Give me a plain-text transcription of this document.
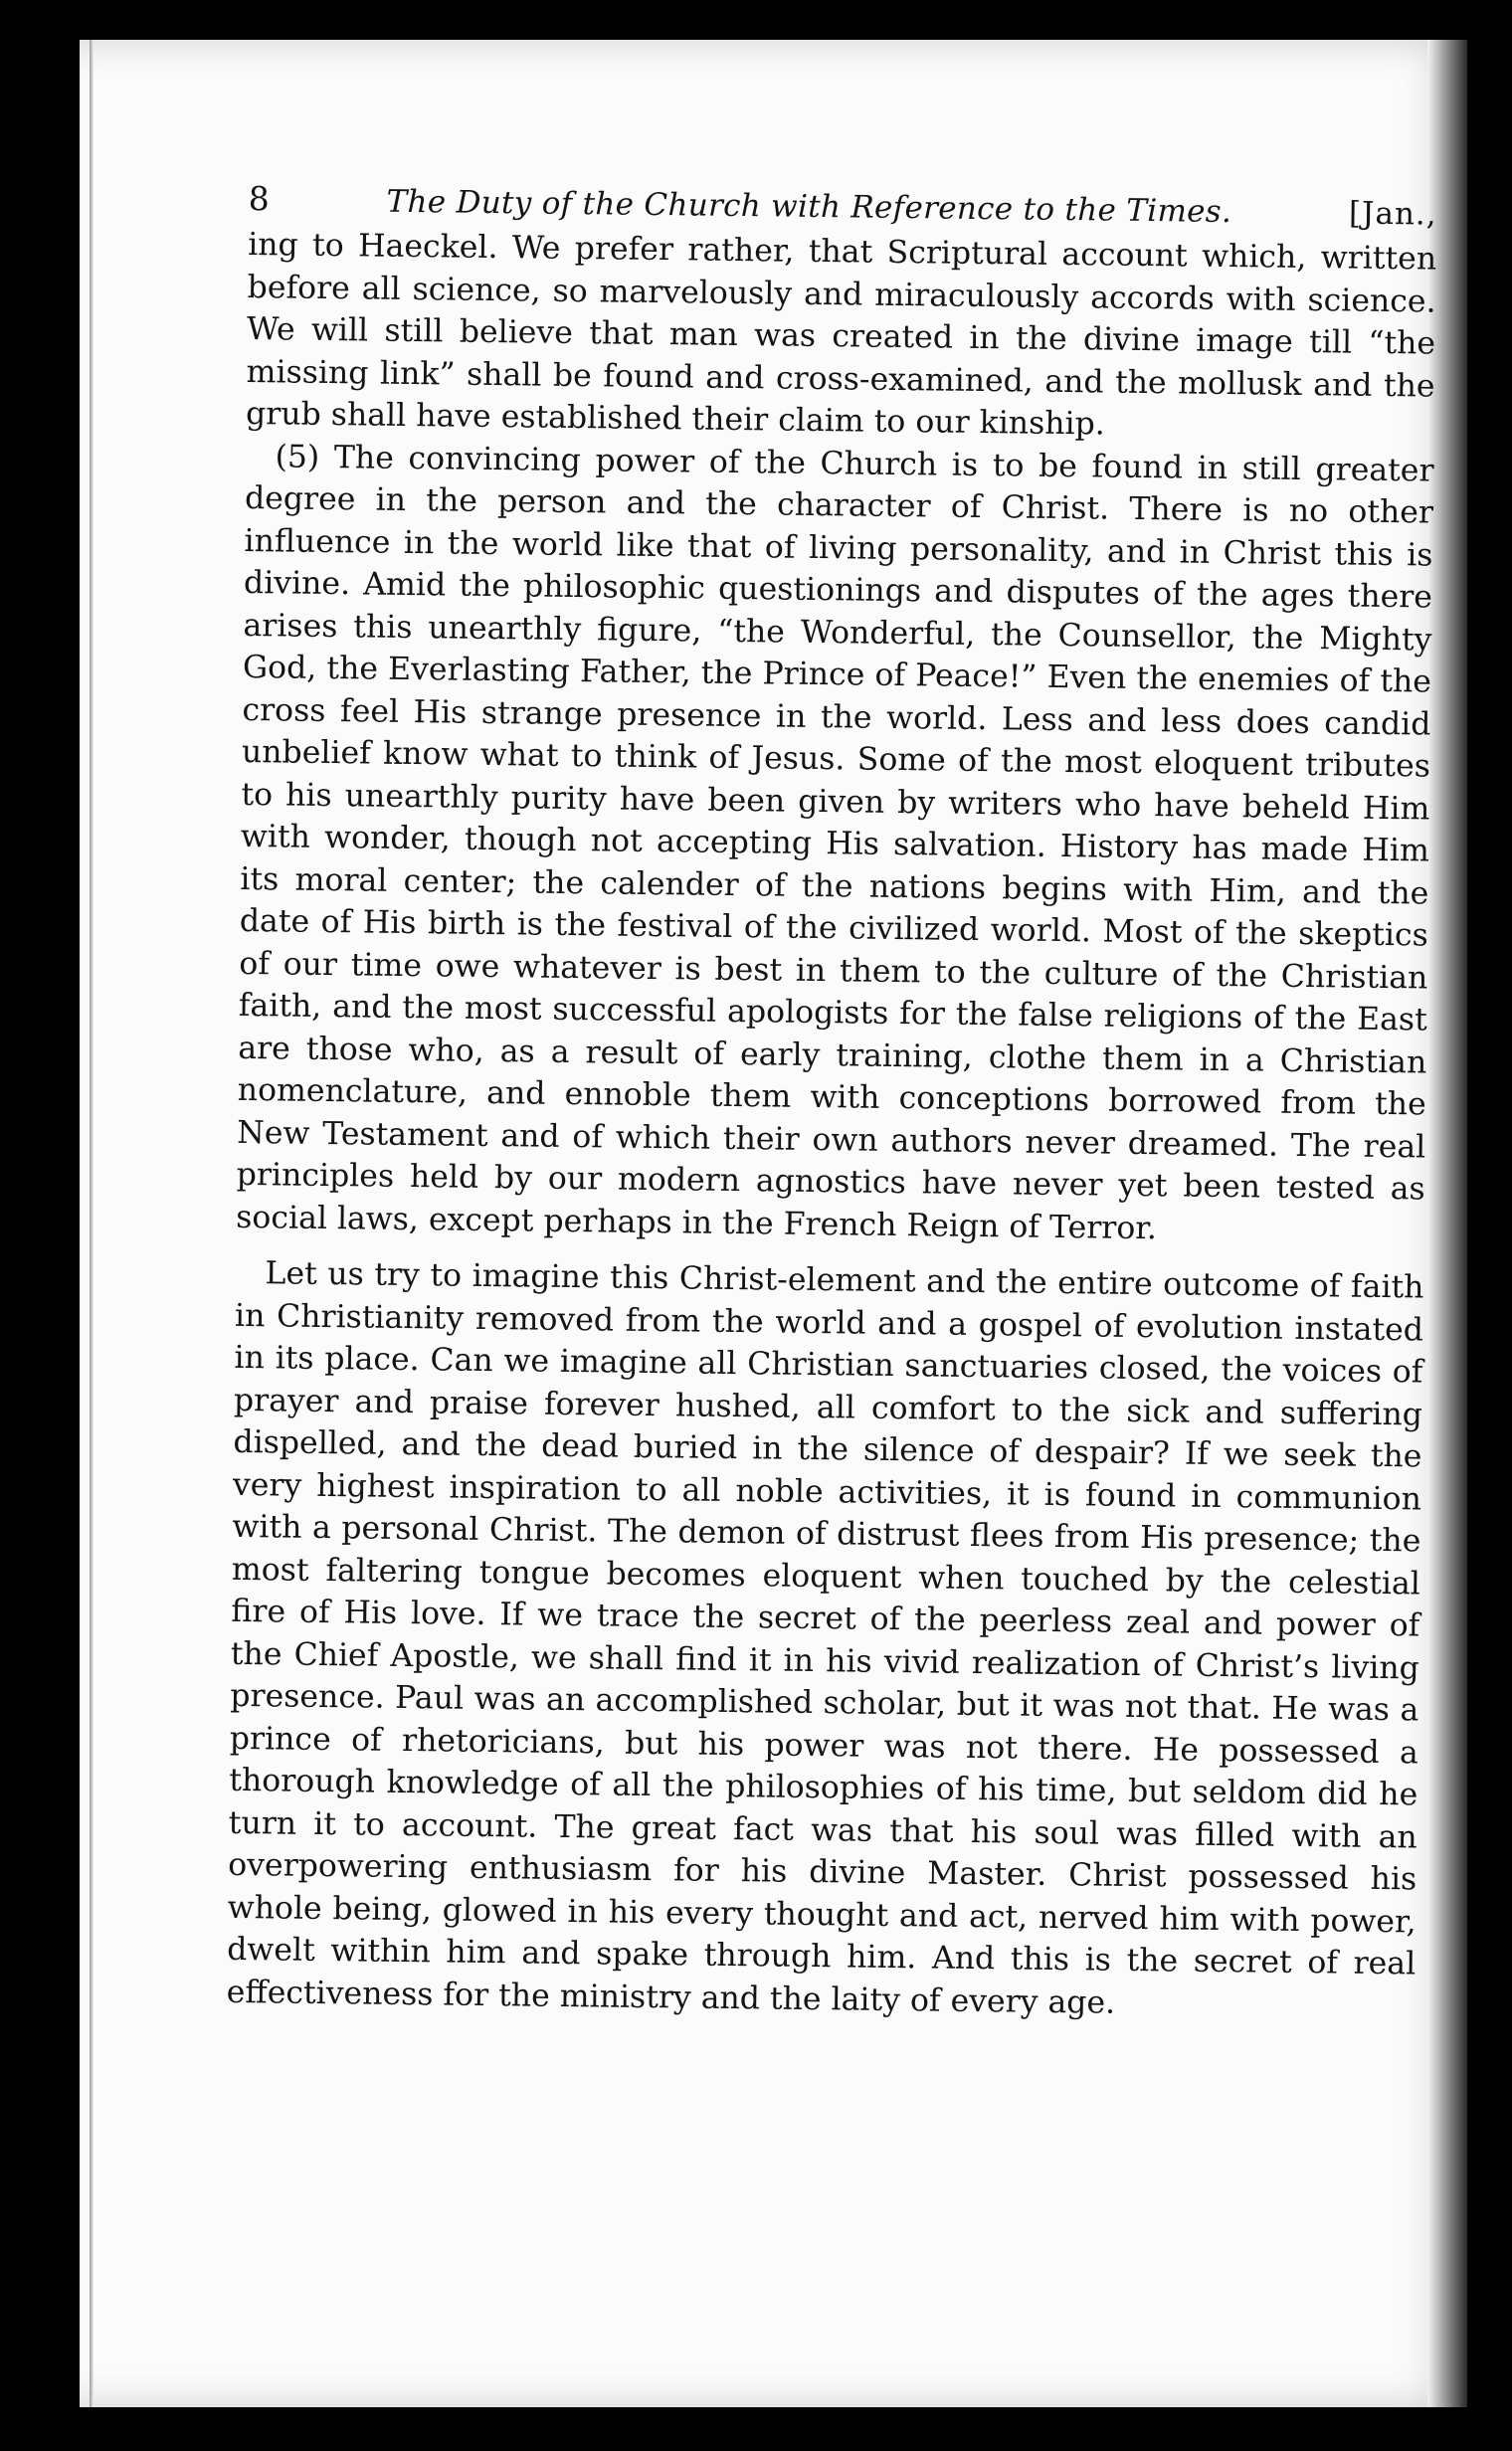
8	The Duty of the Church with Reference to the Times.	[Jan.,

ing to Haeckel. We prefer rather, that Scriptural account which, written before all science, so marvelously and miraculously accords with science. We will still believe that man was created in the divine image till “the missing link” shall be found and cross-examined, and the mollusk and the grub shall have established their claim to our kinship.

(5) The convincing power of the Church is to be found in still greater degree in the person and the character of Christ. There is no other influence in the world like that of living personality, and in Christ this is divine. Amid the philosophic questionings and disputes of the ages there arises this unearthly figure, “the Wonderful, the Counsellor, the Mighty God, the Everlasting Father, the Prince of Peace!” Even the enemies of the cross feel His strange presence in the world. Less and less does candid unbelief know what to think of Jesus. Some of the most eloquent tributes to his unearthly purity have been given by writers who have beheld Him with wonder, though not accepting His salvation. History has made Him its moral center; the calender of the nations begins with Him, and the date of His birth is the festival of the civilized world. Most of the skeptics of our time owe whatever is best in them to the culture of the Christian faith, and the most successful apologists for the false religions of the East are those who, as a result of early training, clothe them in a Christian nomenclature, and ennoble them with conceptions borrowed from the New Testament and of which their own authors never dreamed. The real principles held by our modern agnostics have never yet been tested as social laws, except perhaps in the French Reign of Terror.

Let us try to imagine this Christ-element and the entire outcome of faith in Christianity removed from the world and a gospel of evolution instated in its place. Can we imagine all Christian sanctuaries closed, the voices of prayer and praise forever hushed, all comfort to the sick and suffering dispelled, and the dead buried in the silence of despair? If we seek the very highest inspiration to all noble activities, it is found in communion with a personal Christ. The demon of distrust flees from His presence; the most faltering tongue becomes eloquent when touched by the celestial fire of His love. If we trace the secret of the peerless zeal and power of the Chief Apostle, we shall find it in his vivid realization of Christ’s living presence. Paul was an accomplished scholar, but it was not that. He was a prince of rhetoricians, but his power was not there. He possessed a thorough knowledge of all the philosophies of his time, but seldom did he turn it to account. The great fact was that his soul was filled with an overpowering enthusiasm for his divine Master. Christ possessed his whole being, glowed in his every thought and act, nerved him with power, dwelt within him and spake through him. And this is the secret of real effectiveness for the ministry and the laity of every age.
